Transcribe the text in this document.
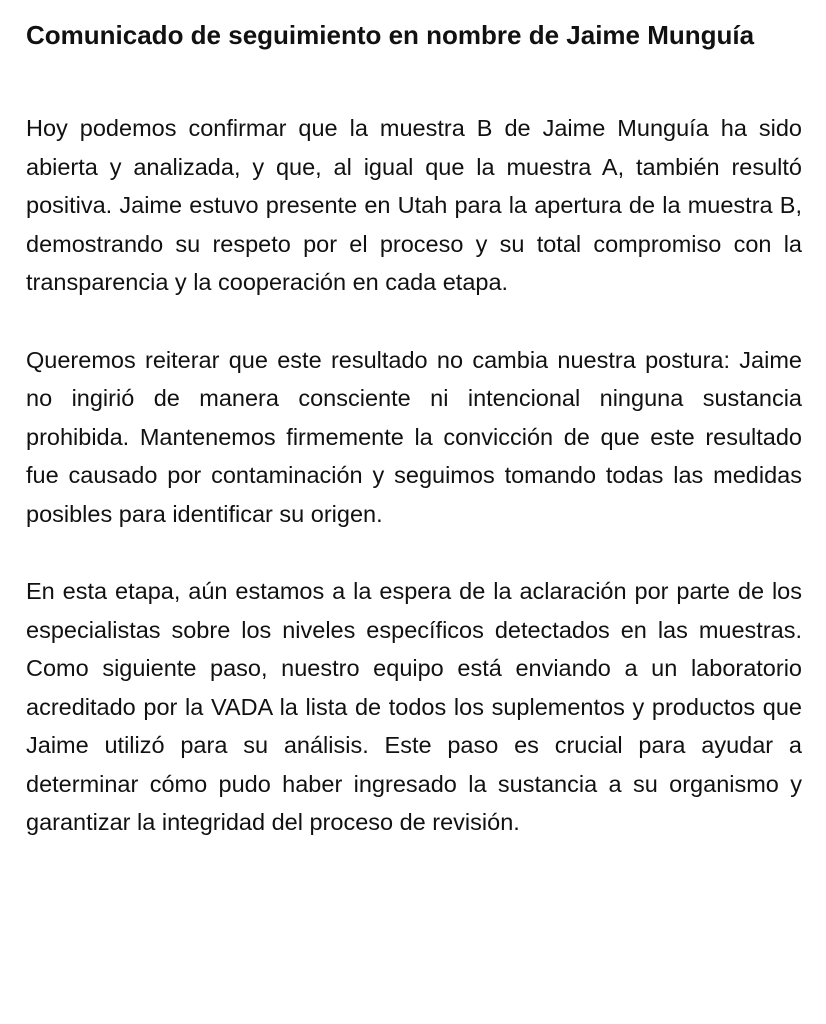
Comunicado de seguimiento en nombre de Jaime Munguía

Hoy podemos confirmar que la muestra B de Jaime Munguía ha sido abierta y analizada, y que, al igual que la muestra A, también resultó positiva. Jaime estuvo presente en Utah para la apertura de la muestra B, demostrando su respeto por el proceso y su total compromiso con la transparencia y la cooperación en cada etapa.

Queremos reiterar que este resultado no cambia nuestra postura: Jaime no ingirió de manera consciente ni intencional ninguna sustancia prohibida. Mantenemos firmemente la convicción de que este resultado fue causado por contaminación y seguimos tomando todas las medidas posibles para identificar su origen.

En esta etapa, aún estamos a la espera de la aclaración por parte de los especialistas sobre los niveles específicos detectados en las muestras. Como siguiente paso, nuestro equipo está enviando a un laboratorio acreditado por la VADA la lista de todos los suplementos y productos que Jaime utilizó para su análisis. Este paso es crucial para ayudar a determinar cómo pudo haber ingresado la sustancia a su organismo y garantizar la integridad del proceso de revisión.
